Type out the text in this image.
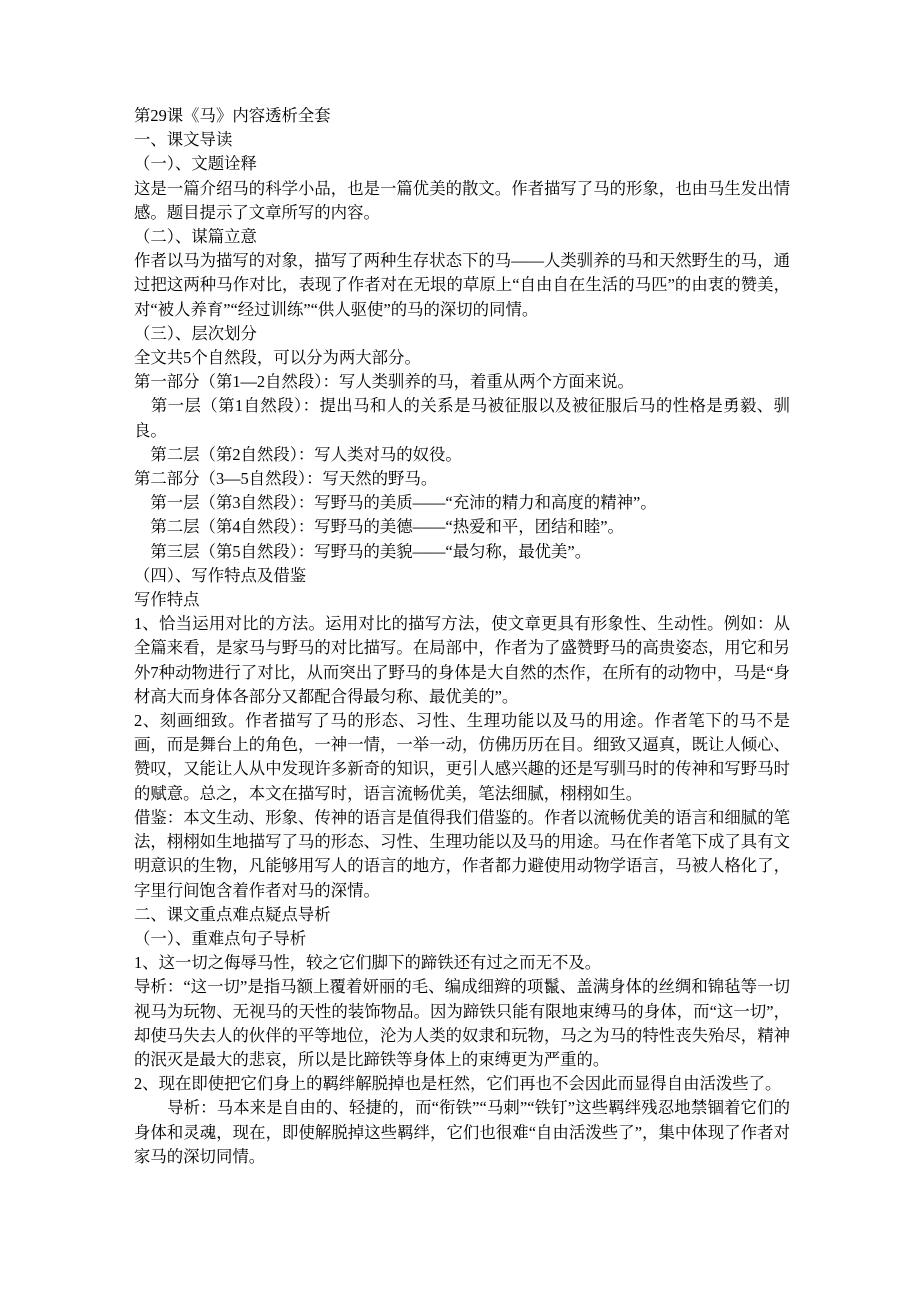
第29课《马》内容透析全套

一、课文导读

（一）、文题诠释

这是一篇介绍马的科学小品，也是一篇优美的散文。作者描写了马的形象，也由马生发出情感。题目提示了文章所写的内容。

（二）、谋篇立意

作者以马为描写的对象，描写了两种生存状态下的马——人类驯养的马和天然野生的马，通过把这两种马作对比，表现了作者对在无垠的草原上“自由自在生活的马匹”的由衷的赞美，对“被人养育”“经过训练”“供人驱使”的马的深切的同情。

（三）、层次划分

全文共5个自然段，可以分为两大部分。

第一部分（第1—2自然段）：写人类驯养的马，着重从两个方面来说。

　第一层（第1自然段）：提出马和人的关系是马被征服以及被征服后马的性格是勇毅、驯良。

　第二层（第2自然段）：写人类对马的奴役。

第二部分（3—5自然段）：写天然的野马。

　第一层（第3自然段）：写野马的美质――“充沛的精力和高度的精神”。

　第二层（第4自然段）：写野马的美德――“热爱和平，团结和睦”。

　第三层（第5自然段）：写野马的美貌――“最匀称，最优美”。

（四）、写作特点及借鉴

写作特点

1、恰当运用对比的方法。运用对比的描写方法，使文章更具有形象性、生动性。例如：从全篇来看，是家马与野马的对比描写。在局部中，作者为了盛赞野马的高贵姿态，用它和另外7种动物进行了对比，从而突出了野马的身体是大自然的杰作，在所有的动物中，马是“身材高大而身体各部分又都配合得最匀称、最优美的”。

2、刻画细致。作者描写了马的形态、习性、生理功能以及马的用途。作者笔下的马不是画，而是舞台上的角色，一神一情，一举一动，仿佛历历在目。细致又逼真，既让人倾心、赞叹，又能让人从中发现许多新奇的知识，更引人感兴趣的还是写驯马时的传神和写野马时的赋意。总之，本文在描写时，语言流畅优美，笔法细腻，栩栩如生。

借鉴：本文生动、形象、传神的语言是值得我们借鉴的。作者以流畅优美的语言和细腻的笔法，栩栩如生地描写了马的形态、习性、生理功能以及马的用途。马在作者笔下成了具有文明意识的生物，凡能够用写人的语言的地方，作者都力避使用动物学语言，马被人格化了，字里行间饱含着作者对马的深情。

二、课文重点难点疑点导析

（一）、重难点句子导析

1、这一切之侮辱马性，较之它们脚下的蹄铁还有过之而无不及。

导析：“这一切”是指马额上覆着妍丽的毛、编成细辫的项鬣、盖满身体的丝绸和锦毡等一切视马为玩物、无视马的天性的装饰物品。因为蹄铁只能有限地束缚马的身体，而“这一切”，却使马失去人的伙伴的平等地位，沦为人类的奴隶和玩物，马之为马的特性丧失殆尽，精神的泯灭是最大的悲哀，所以是比蹄铁等身体上的束缚更为严重的。

2、现在即使把它们身上的羁绊解脱掉也是枉然，它们再也不会因此而显得自由活泼些了。

　　导析：马本来是自由的、轻捷的，而“衔铁”“马刺”“铁钉”这些羁绊残忍地禁锢着它们的身体和灵魂，现在，即使解脱掉这些羁绊，它们也很难“自由活泼些了”，集中体现了作者对家马的深切同情。
